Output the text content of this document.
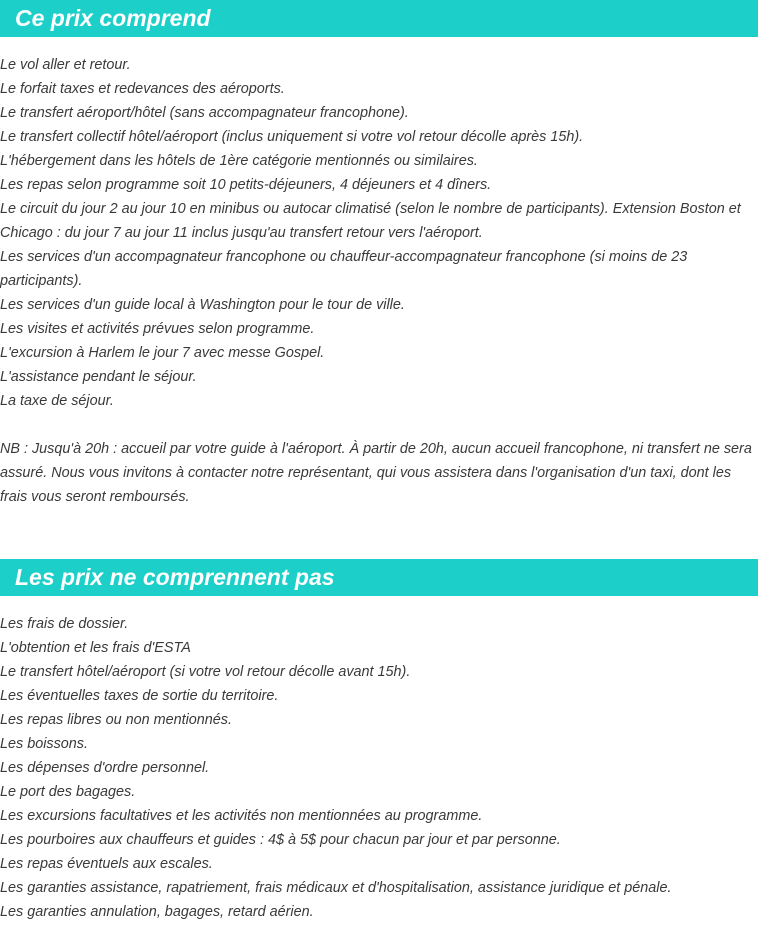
Ce prix comprend
Le vol aller et retour.
Le forfait taxes et redevances des aéroports.
Le transfert aéroport/hôtel (sans accompagnateur francophone).
Le transfert collectif hôtel/aéroport (inclus uniquement si votre vol retour décolle après 15h).
L'hébergement dans les hôtels de 1ère catégorie mentionnés ou similaires.
Les repas selon programme soit 10 petits-déjeuners, 4 déjeuners et 4 dîners.
Le circuit du jour 2 au jour 10 en minibus ou autocar climatisé (selon le nombre de participants). Extension Boston et Chicago : du jour 7 au jour 11 inclus jusqu'au transfert retour vers l'aéroport.
Les services d'un accompagnateur francophone ou chauffeur-accompagnateur francophone (si moins de 23 participants).
Les services d'un guide local à Washington pour le tour de ville.
Les visites et activités prévues selon programme.
L'excursion à Harlem le jour 7 avec messe Gospel.
L'assistance pendant le séjour.
La taxe de séjour.

NB : Jusqu'à 20h : accueil par votre guide à l'aéroport. À partir de 20h, aucun accueil francophone, ni transfert ne sera assuré. Nous vous invitons à contacter notre représentant, qui vous assistera dans l'organisation d'un taxi, dont les frais vous seront remboursés.

Les prix ne comprennent pas
Les frais de dossier.
L'obtention et les frais d'ESTA
Le transfert hôtel/aéroport (si votre vol retour décolle avant 15h).
Les éventuelles taxes de sortie du territoire.
Les repas libres ou non mentionnés.
Les boissons.
Les dépenses d'ordre personnel.
Le port des bagages.
Les excursions facultatives et les activités non mentionnées au programme.
Les pourboires aux chauffeurs et guides : 4$ à 5$ pour chacun par jour et par personne.
Les repas éventuels aux escales.
Les garanties assistance, rapatriement, frais médicaux et d'hospitalisation, assistance juridique et pénale.
Les garanties annulation, bagages, retard aérien.
